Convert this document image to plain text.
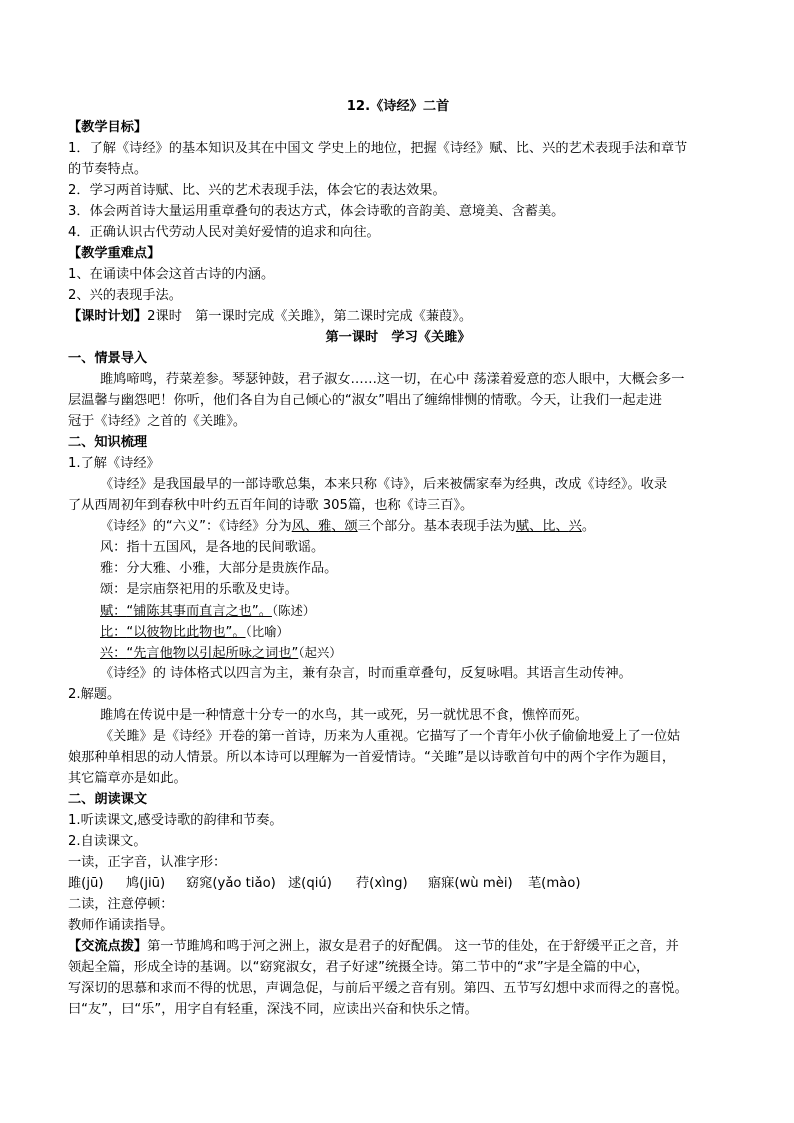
12.《诗经》二首
【教学目标】
1．了解《诗经》的基本知识及其在中国文 学史上的地位，把握《诗经》赋、比、兴的艺术表现手法和章节
的节奏特点。
2．学习两首诗赋、比、兴的艺术表现手法，体会它的表达效果。
3．体会两首诗大量运用重章叠句的表达方式，体会诗歌的音韵美、意境美、含蓄美。
4．正确认识古代劳动人民对美好爱情的追求和向往。
【教学重难点】
1、在诵读中体会这首古诗的内涵。
2、兴的表现手法。
【课时计划】2课时　第一课时完成《关雎》，第二课时完成《蒹葭》。
第一课时　学习《关雎》
一、情景导入
雎鸠啼鸣，荇菜差参。琴瑟钟鼓，君子淑女……这一切，在心中 荡漾着爱意的恋人眼中，大概会多一
层温馨与幽怨吧！你听，他们各自为自己倾心的“淑女”唱出了缠绵悱恻的情歌。今天，让我们一起走进
冠于《诗经》之首的《关雎》。
二、知识梳理
1.了解《诗经》
《诗经》是我国最早的一部诗歌总集，本来只称《诗》，后来被儒家奉为经典，改成《诗经》。收录
了从西周初年到春秋中叶约五百年间的诗歌 305篇，也称《诗三百》。
《诗经》的“六义”：《诗经》分为风、雅、颂三个部分。基本表现手法为赋、比、兴。
风：指十五国风，是各地的民间歌谣。
雅：分大雅、小雅，大部分是贵族作品。
颂：是宗庙祭祀用的乐歌及史诗。
赋：“铺陈其事而直言之也”。（陈述）
比：“以彼物比此物也”。（比喻）
兴：“先言他物以引起所咏之词也”（起兴）
《诗经》的 诗体格式以四言为主，兼有杂言，时而重章叠句，反复咏唱。其语言生动传神。
2.解题。
雎鸠在传说中是一种情意十分专一的水鸟，其一或死，另一就忧思不食，憔悴而死。
《关雎》是《诗经》开卷的第一首诗，历来为人重视。它描写了一个青年小伙子偷偷地爱上了一位姑
娘那种单相思的动人情景。所以本诗可以理解为一首爱情诗。“关雎”是以诗歌首句中的两个字作为题目，
其它篇章亦是如此。
二、朗读课文
1.听读课文,感受诗歌的韵律和节奏。
2.自读课文。
一读，正字音，认准字形：
雎(jū) 鸠(jiū) 窈窕(yǎo tiǎo) 逑(qiú) 荇(xìng) 寤寐(wù mèi) 芼(mào)
二读，注意停顿：
教师作诵读指导。
【交流点拨】第一节雎鸠和鸣于河之洲上，淑女是君子的好配偶。 这一节的佳处，在于舒缓平正之音，并
领起全篇，形成全诗的基调。以“窈窕淑女，君子好逑”统摄全诗。第二节中的“求”字是全篇的中心，
写深切的思慕和求而不得的忧思，声调急促，与前后平缓之音有别。第四、五节写幻想中求而得之的喜悦。
曰“友”，曰“乐”，用字自有轻重，深浅不同，应读出兴奋和快乐之情。
